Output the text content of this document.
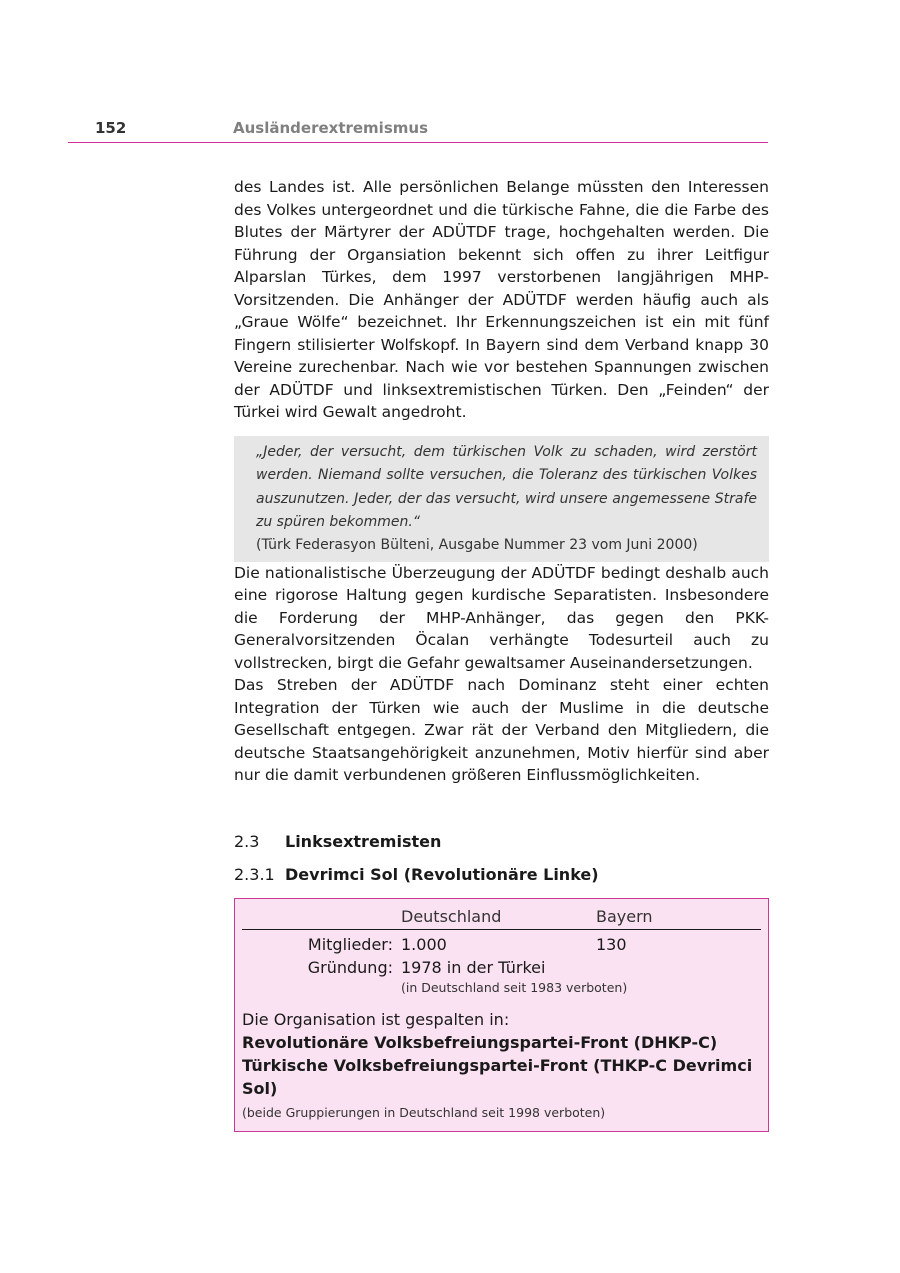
152	Ausländerextremismus

des Landes ist. Alle persönlichen Belange müssten den Interessen des Volkes untergeordnet und die türkische Fahne, die die Farbe des Blutes der Märtyrer der ADÜTDF trage, hochgehalten werden. Die Führung der Organsiation bekennt sich offen zu ihrer Leitfigur Alparslan Türkes, dem 1997 verstorbenen langjährigen MHP-Vorsitzenden. Die Anhänger der ADÜTDF werden häufig auch als „Graue Wölfe“ bezeichnet. Ihr Erkennungszeichen ist ein mit fünf Fingern stilisierter Wolfskopf. In Bayern sind dem Verband knapp 30 Vereine zurechenbar. Nach wie vor bestehen Spannungen zwischen der ADÜTDF und linksextremistischen Türken. Den „Feinden“ der Türkei wird Gewalt angedroht.

„Jeder, der versucht, dem türkischen Volk zu schaden, wird zerstört werden. Niemand sollte versuchen, die Toleranz des türkischen Volkes auszunutzen. Jeder, der das versucht, wird unsere angemessene Strafe zu spüren bekommen.“

(Türk Federasyon Bülteni, Ausgabe Nummer 23 vom Juni 2000)

Die nationalistische Überzeugung der ADÜTDF bedingt deshalb auch eine rigorose Haltung gegen kurdische Separatisten. Insbesondere die Forderung der MHP-Anhänger, das gegen den PKK-Generalvorsitzenden Öcalan verhängte Todesurteil auch zu vollstrecken, birgt die Gefahr gewaltsamer Auseinandersetzungen.

Das Streben der ADÜTDF nach Dominanz steht einer echten Integration der Türken wie auch der Muslime in die deutsche Gesellschaft entgegen. Zwar rät der Verband den Mitgliedern, die deutsche Staatsangehörigkeit anzunehmen, Motiv hierfür sind aber nur die damit verbundenen größeren Einflussmöglichkeiten.

2.3	Linksextremisten
2.3.1 Devrimci Sol (Revolutionäre Linke)
Deutschland	Bayern
Mitglieder: 1.000	130
Gründung: 1978 in der Türkei
(in Deutschland seit 1983 verboten)
Die Organisation ist gespalten in:
Revolutionäre Volksbefreiungspartei-Front (DHKP-C)
Türkische Volksbefreiungspartei-Front (THKP-C Devrimci Sol)
(beide Gruppierungen in Deutschland seit 1998 verboten)
